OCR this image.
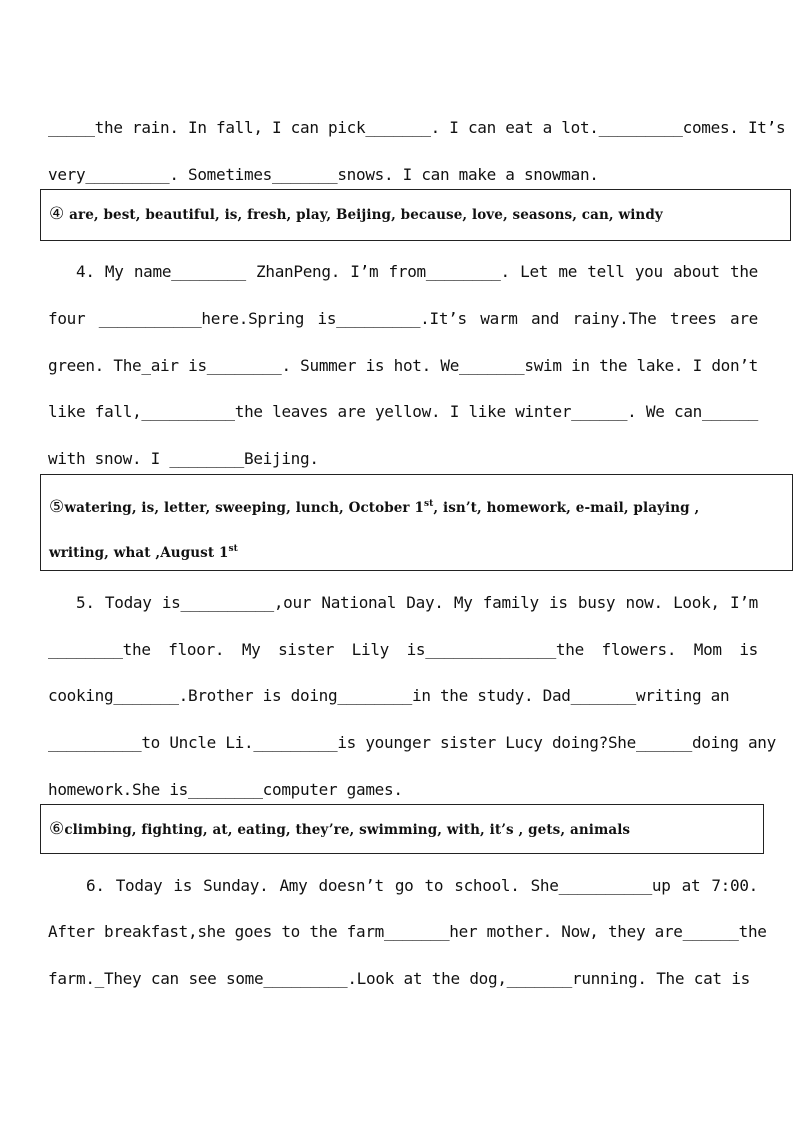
_____the rain. In fall, I can pick_______. I can eat a lot._________comes. It’s
very_________. Sometimes_______snows. I can make a snowman.
④ are, best, beautiful, is, fresh, play, Beijing, because, love, seasons, can, windy
4. My name________ ZhanPeng. I’m from________. Let me tell you about the
four ___________here.Spring is_________.It’s warm and rainy.The trees are
green. The_air is________. Summer is hot. We_______swim in the lake. I don’t
like fall,__________the leaves are yellow. I like winter______. We can______
with snow. I ________Beijing.
⑤watering, is, letter, sweeping, lunch, October 1st, isn’t, homework, e-mail, playing ,
writing, what ,August 1st
5. Today is__________,our National Day. My family is busy now. Look, I’m
________the floor. My sister Lily is______________the flowers. Mom is
cooking_______.Brother is doing________in the study. Dad_______writing an
__________to Uncle Li._________is younger sister Lucy doing?She______doing any
homework.She is________computer games.
⑥climbing, fighting, at, eating, they’re, swimming, with, it’s , gets, animals
6. Today is Sunday. Amy doesn’t go to school. She__________up at 7:00.
After breakfast,she goes to the farm_______her mother. Now, they are______the
farm._They can see some_________.Look at the dog,_______running. The cat is
